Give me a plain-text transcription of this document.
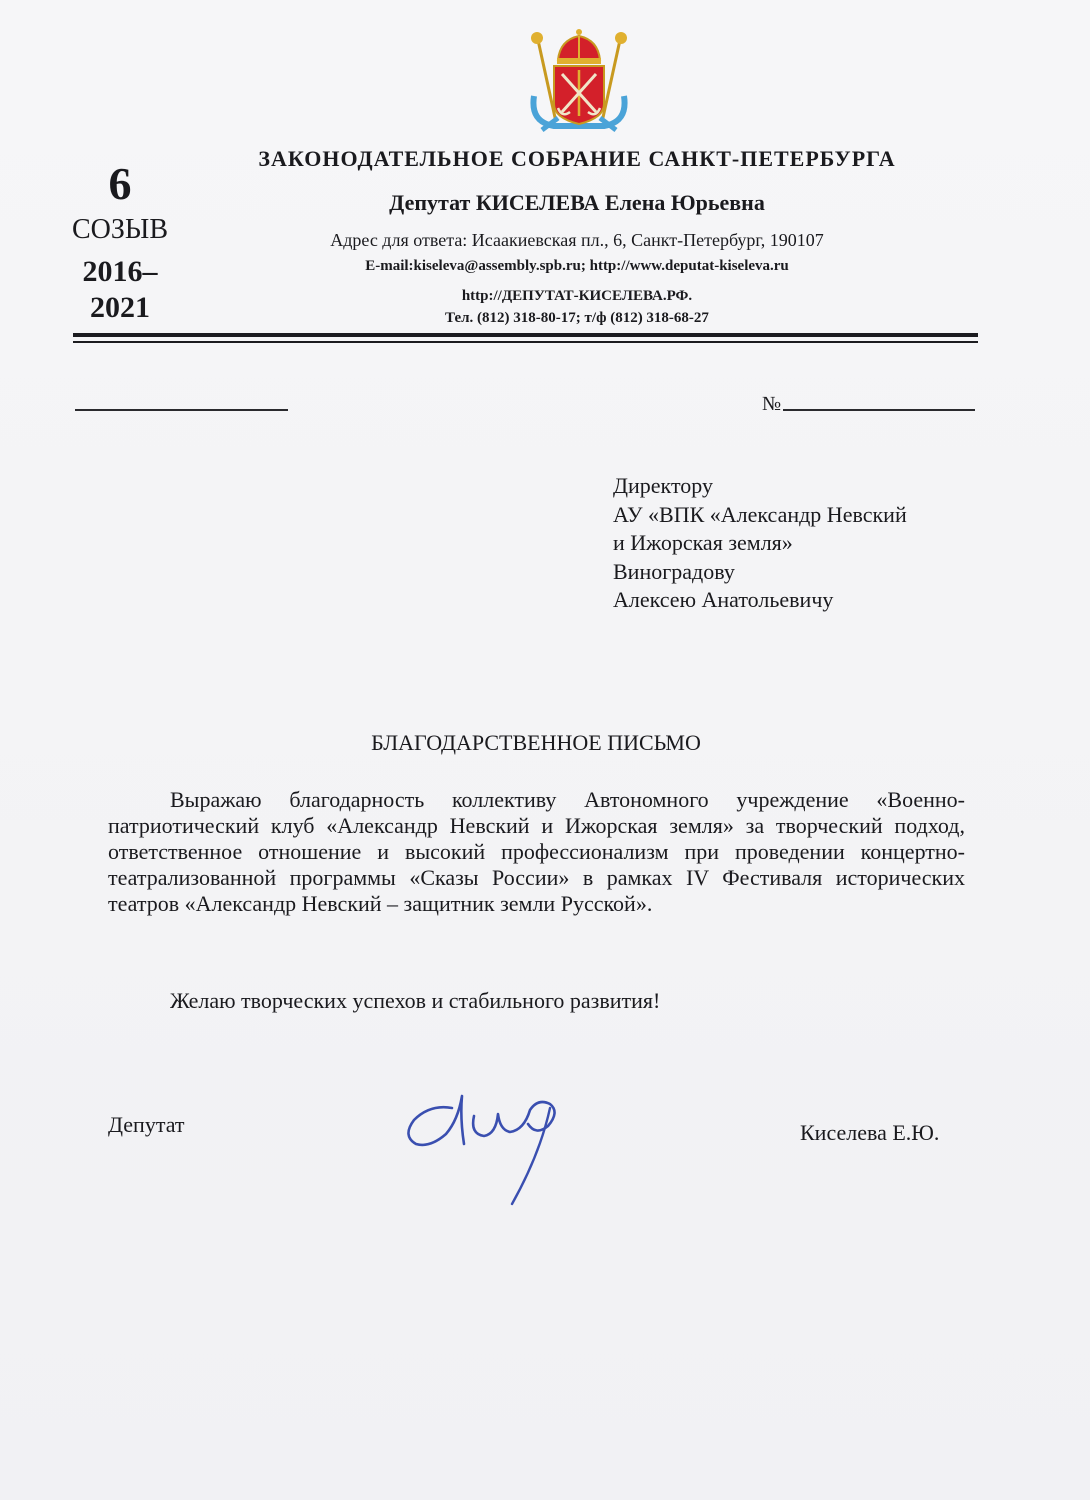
6
СОЗЫВ
2016–
2021
ЗАКОНОДАТЕЛЬНОЕ СОБРАНИЕ САНКТ-ПЕТЕРБУРГА
Депутат КИСЕЛЕВА Елена Юрьевна
Адрес для ответа: Исаакиевская пл., 6, Санкт-Петербург, 190107
E-mail:kiseleva@assembly.spb.ru; http://www.deputat-kiseleva.ru
http://ДЕПУТАТ-КИСЕЛЕВА.РФ.
Тел. (812) 318-80-17; т/ф (812) 318-68-27
№
Директору
АУ «ВПК «Александр Невский
и Ижорская земля»
Виноградову
Алексею Анатольевичу
БЛАГОДАРСТВЕННОЕ ПИСЬМО
Выражаю благодарность коллективу Автономного учреждение «Военно-патриотический клуб «Александр Невский и Ижорская земля» за творческий подход, ответственное отношение и высокий профессионализм при проведении концертно-театрализованной программы «Сказы России» в рамках IV Фестиваля исторических театров «Александр Невский – защитник земли Русской».
Желаю творческих успехов и стабильного развития!
Депутат	Киселева Е.Ю.
